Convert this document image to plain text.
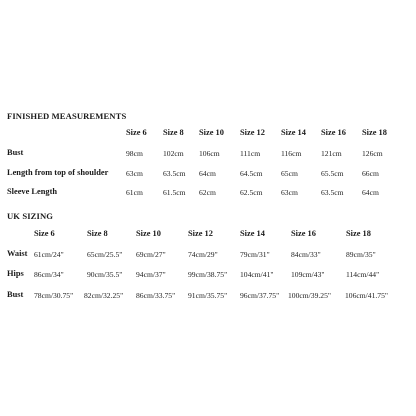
FINISHED MEASUREMENTS
Size 6 Size 8 Size 10 Size 12 Size 14 Size 16 Size 18
Bust	98cm	102cm 106cm	111cm	116cm	121cm	126cm
Length from top of shoulder 63cm	63.5cm 64cm	64.5cm 65cm	65.5cm 66cm
Sleeve Length	61cm	61.5cm 62cm	62.5cm 63cm	63.5cm 64cm
UK SIZING
Size 6	Size 8	Size 10	Size 12	Size 14	Size 16	Size 18
Waist 61cm/24"	65cm/25.5" 69cm/27"	74cm/29"	79cm/31"	84cm/33"	89cm/35"
Hips 86cm/34"	90cm/35.5" 94cm/37"	99cm/38.75" 104cm/41" 109cm/43"	114cm/44"
Bust 78cm/30.75" 82cm/32.25" 86cm/33.75" 91cm/35.75" 96cm/37.75" 100cm/39.25" 106cm/41.75"
